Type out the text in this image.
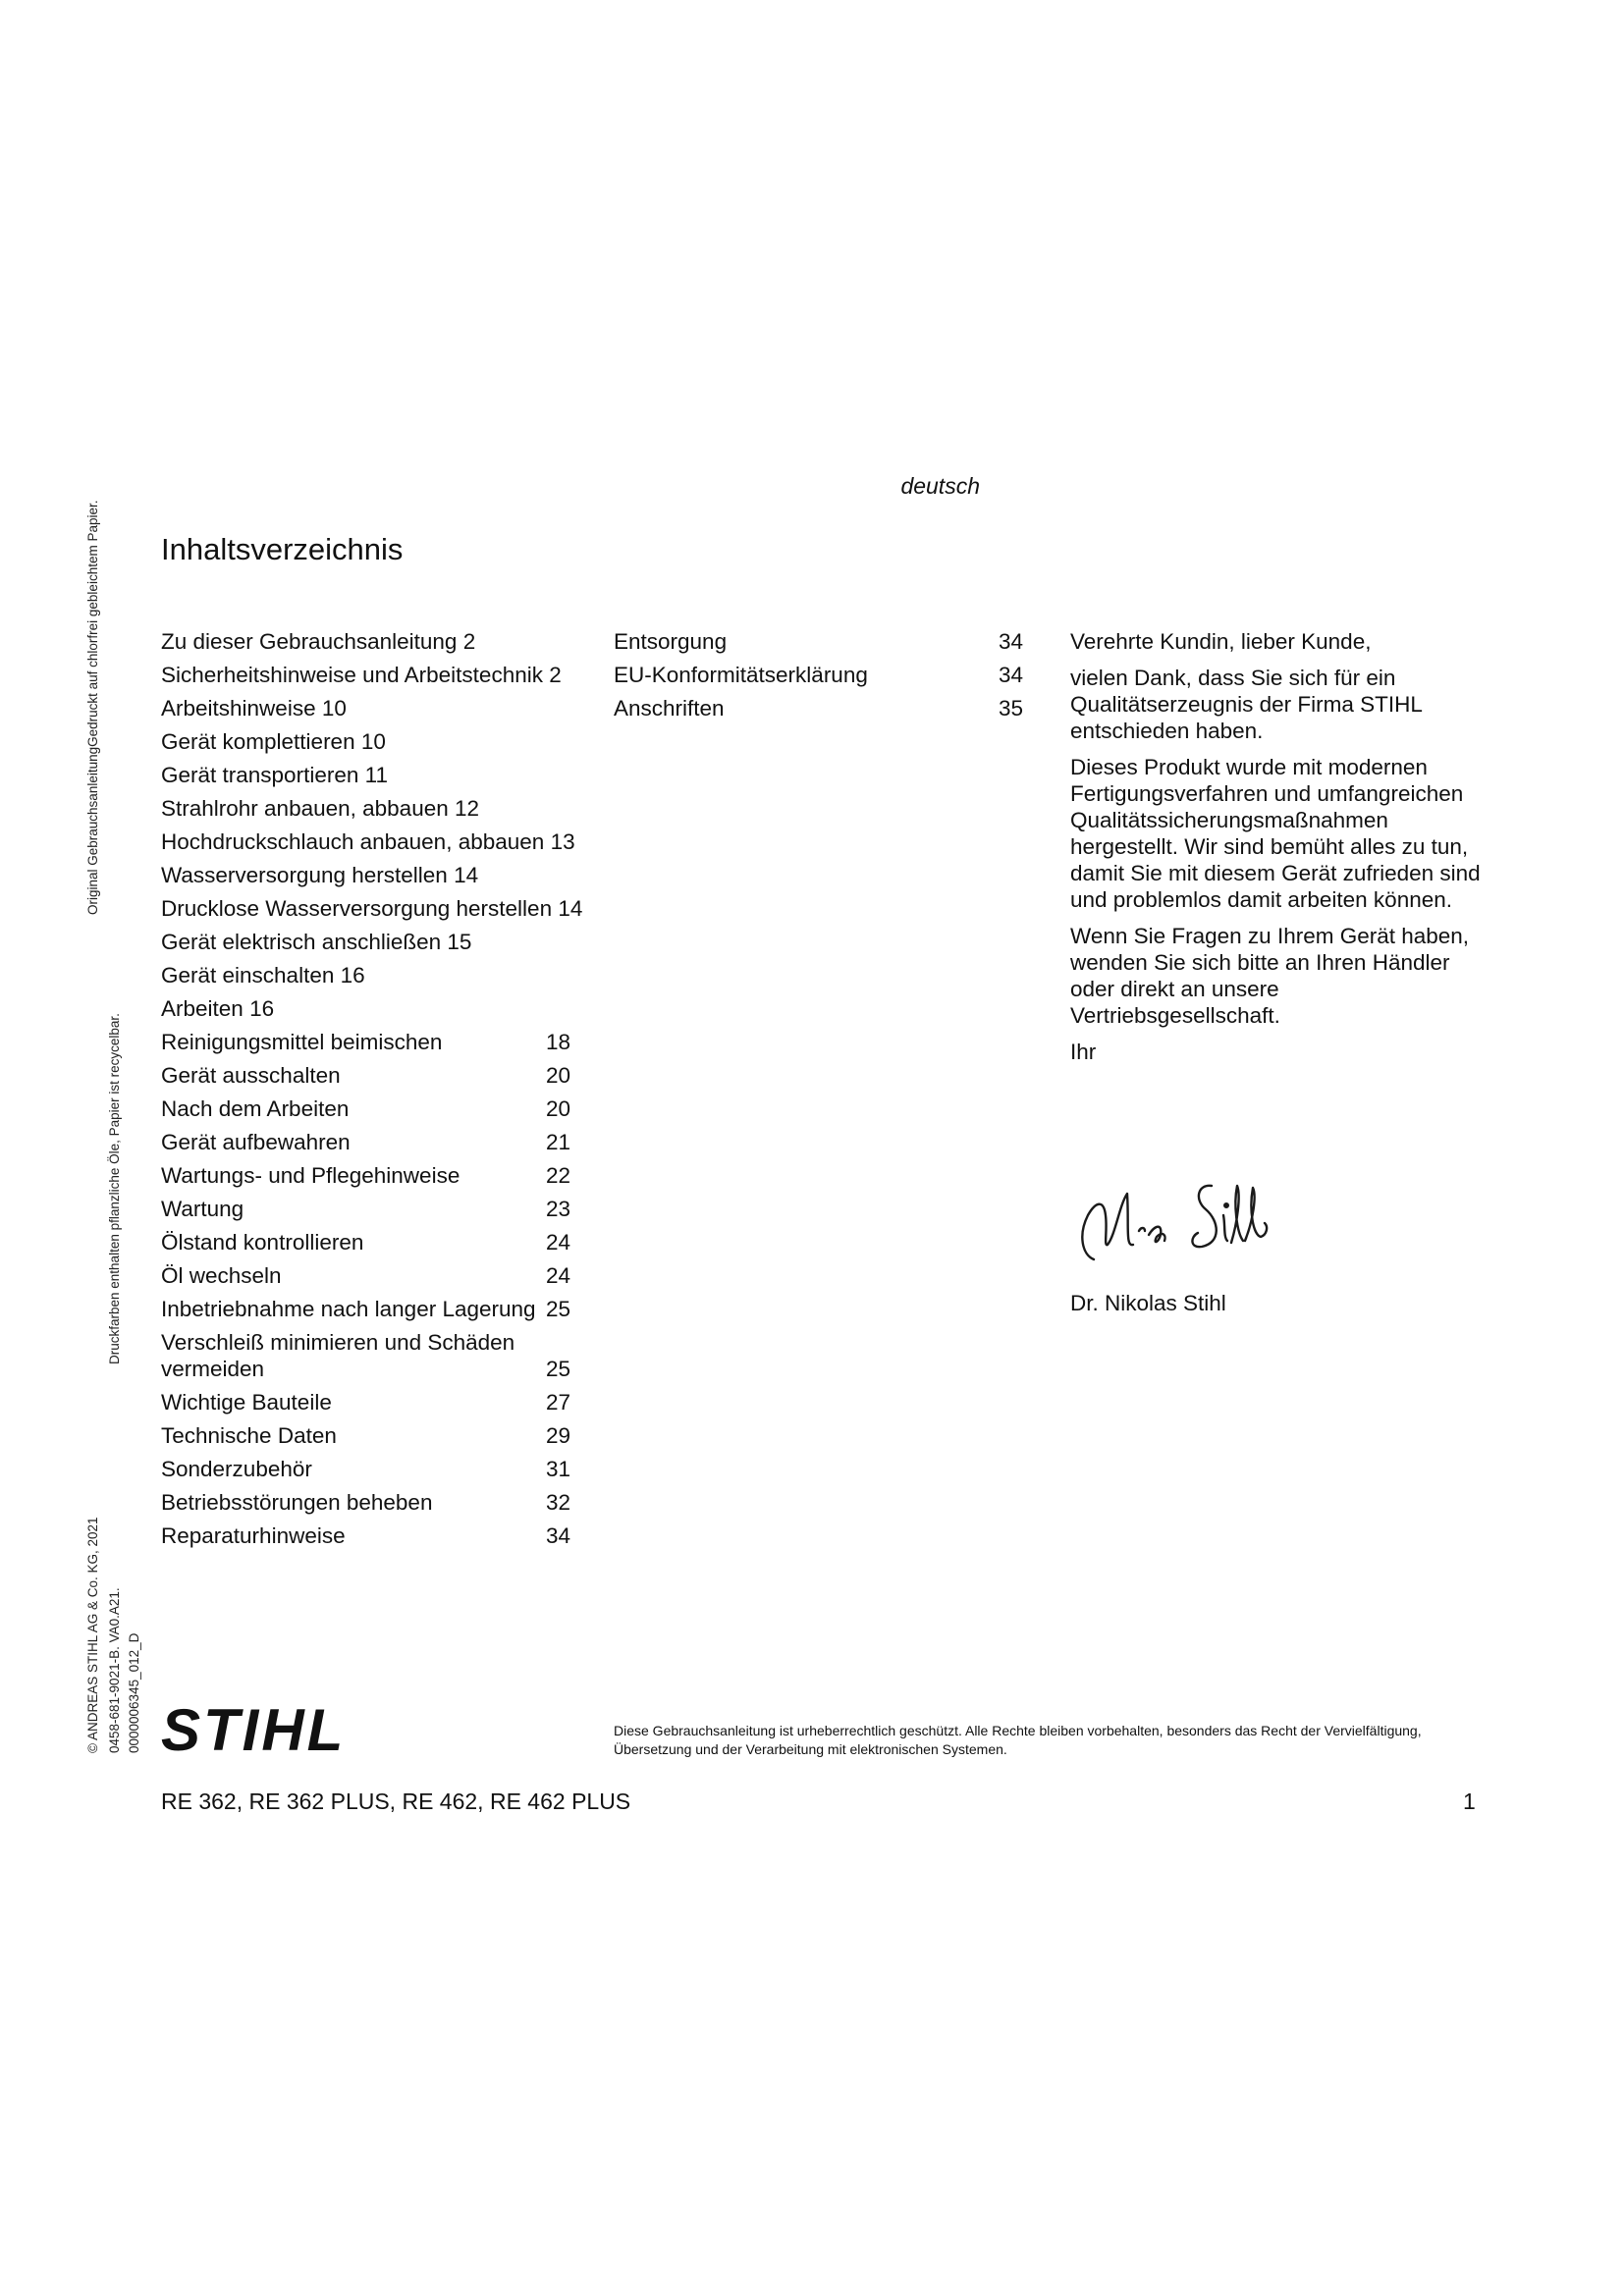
Original GebrauchsanleitungGedruckt auf chlorfrei gebleichtem Papier.
Druckfarben enthalten pflanzliche Öle, Papier ist recycelbar.
© ANDREAS STIHL AG & Co. KG, 2021 0458-681-9021-B. VA0.A21. 0000006345_012_D
deutsch
Inhaltsverzeichnis
Zu dieser Gebrauchsanleitung 2
Sicherheitshinweise und Arbeitstechnik 2
Arbeitshinweise 10
Gerät komplettieren 10
Gerät transportieren 11
Strahlrohr anbauen, abbauen 12
Hochdruckschlauch anbauen, abbauen 13
Wasserversorgung herstellen 14
Drucklose Wasserversorgung herstellen 14
Gerät elektrisch anschließen 15
Gerät einschalten 16
Arbeiten 16
Reinigungsmittel beimischen	18
Gerät ausschalten	20
Nach dem Arbeiten	20
Gerät aufbewahren	21
Wartungs- und Pflegehinweise	22
Wartung	23
Ölstand kontrollieren	24
Öl wechseln	24
Inbetriebnahme nach langer Lagerung 25
Verschleiß minimieren und Schäden vermeiden	25
Wichtige Bauteile	27
Technische Daten	29
Sonderzubehör	31
Betriebsstörungen beheben	32
Reparaturhinweise	34
Entsorgung	34
EU-Konformitätserklärung	34
Anschriften	35

Verehrte Kundin, lieber Kunde,

vielen Dank, dass Sie sich für ein Qualitätserzeugnis der Firma STIHL entschieden haben.

Dieses Produkt wurde mit modernen Fertigungsverfahren und umfangreichen Qualitätssicherungsmaßnahmen hergestellt. Wir sind bemüht alles zu tun, damit Sie mit diesem Gerät zufrieden sind und problemlos damit arbeiten können.

Wenn Sie Fragen zu Ihrem Gerät haben, wenden Sie sich bitte an Ihren Händler oder direkt an unsere Vertriebsgesellschaft.

Ihr

Dr. Nikolas Stihl
STIHL	Diese Gebrauchsanleitung ist urheberrechtlich geschützt. Alle Rechte bleiben vorbehalten, besonders das Recht der Vervielfältigung, Übersetzung und der Verarbeitung mit elektronischen Systemen.
RE 362, RE 362 PLUS, RE 462, RE 462 PLUS	1
